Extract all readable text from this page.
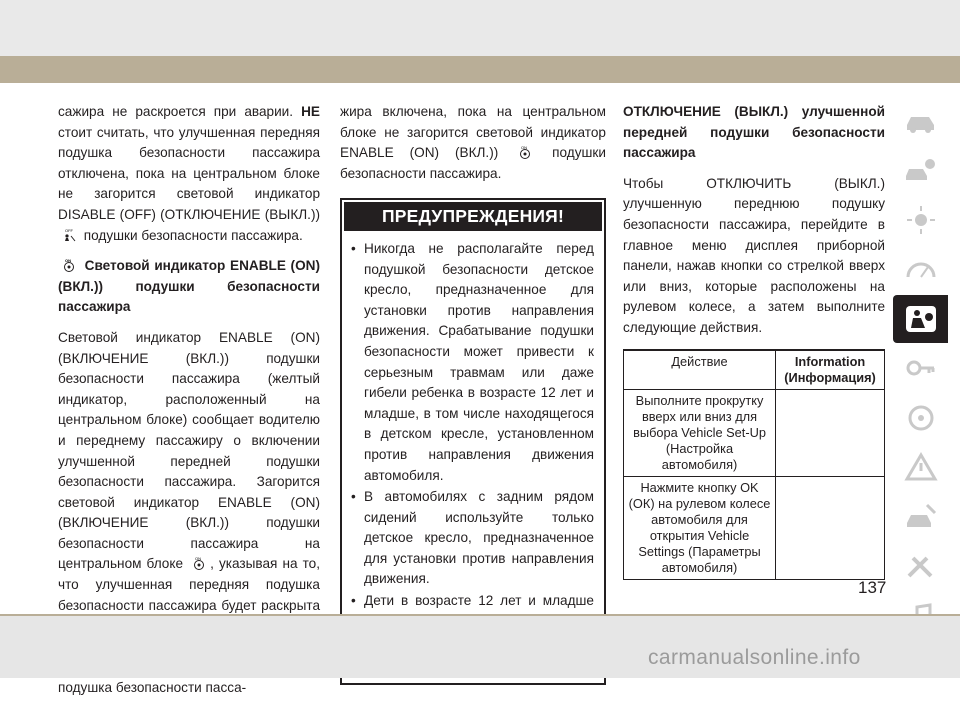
сажира не раскроется при аварии. НЕ стоит считать, что улучшенная передняя подушка безопасности пассажира отключена, пока на центральном блоке не загорится световой индикатор DISABLE (OFF) (ОТКЛЮЧЕНИЕ (ВЫКЛ.))
OFF подушки безопасности пассажира.

ON Световой индикатор ENABLE (ON) (ВКЛ.)) подушки безопасности пассажира

Световой индикатор ENABLE (ON) (ВКЛЮЧЕНИЕ (ВКЛ.)) подушки безопасности пассажира (желтый индикатор, расположенный на центральном блоке) сообщает водителю и переднему пассажиру о включении улучшенной передней подушки безопасности пассажира. Загорится световой индикатор ENABLE (ON) (ВКЛЮЧЕНИЕ (ВКЛ.)) подушки безопасности пассажира на центральном блоке	ON , указывая на то, что улучшенная передняя подушка безопасности пассажира будет раскрыта подушка безопасности пасса-

жира включена, пока на центральном блоке не загорится световой индикатор ENABLE (ON) (ВКЛ.))	ON подушки безопасности пассажира.

ПРЕДУПРЕЖДЕНИЯ!
• Никогда не располагайте перед подушкой безопасности детское кресло, предназначенное для установки против направления движения. Срабатывание подушки безопасности может привести к серьезным травмам или даже гибели ребенка в возрасте 12 лет и младше, в том числе находящегося в детском кресле, установленном против направления движения автомобиля.
• В автомобилях с задним рядом сидений используйте только детское кресло, предназначенное для установки против направления движения.
• Дети в возрасте 12 лет и младше

ОТКЛЮЧЕНИЕ (ВЫКЛ.) улучшенной передней подушки безопасности пассажира

Чтобы ОТКЛЮЧИТЬ (ВЫКЛ.) улучшенную переднюю подушку безопасности пассажира, перейдите в главное меню дисплея приборной панели, нажав кнопки со стрелкой вверх или вниз, которые расположены на рулевом колесе, а затем выполните следующие действия.

Действие	Information (Информация)
Выполните прокрутку вверх или вниз для выбора Vehicle Set-Up (Настройка автомобиля)	
Нажмите кнопку OK (ОК) на рулевом колесе автомобиля для открытия Vehicle Settings (Параметры автомобиля)	
137
carmanualsonline.info
